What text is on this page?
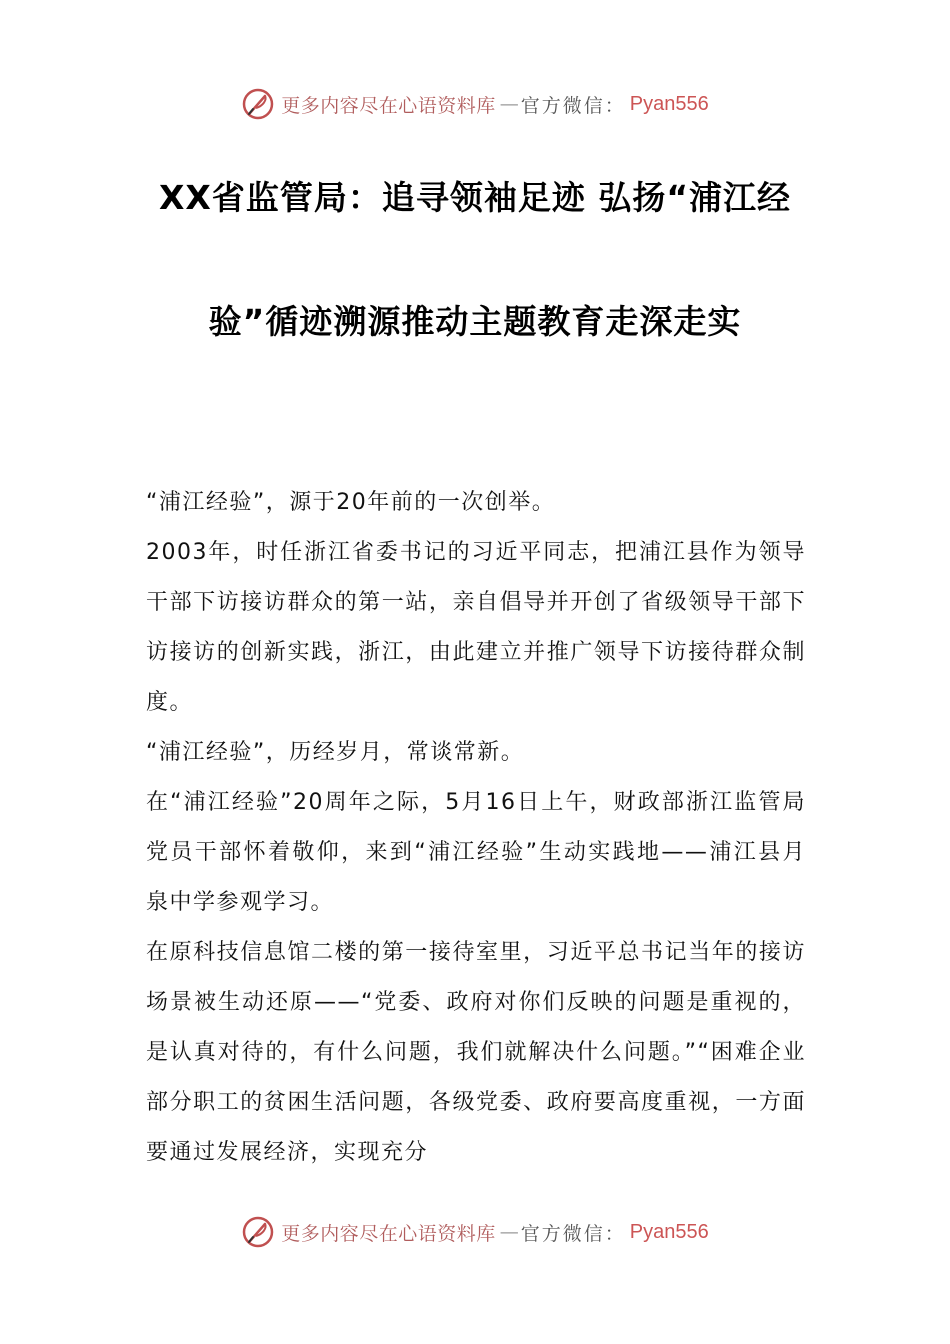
更多内容尽在心语资料库 — 官方微信： Pyan556
XX省监管局：追寻领袖足迹 弘扬“浦江经
验”循迹溯源推动主题教育走深走实

“浦江经验”，源于20年前的一次创举。

2003年，时任浙江省委书记的习近平同志，把浦江县作为领导干部下访接访群众的第一站，亲自倡导并开创了省级领导干部下访接访的创新实践，浙江，由此建立并推广领导下访接待群众制度。

“浦江经验”，历经岁月，常谈常新。

在“浦江经验”20周年之际，5月16日上午，财政部浙江监管局党员干部怀着敬仰，来到“浦江经验”生动实践地——浦江县月泉中学参观学习。

在原科技信息馆二楼的第一接待室里，习近平总书记当年的接访场景被生动还原——“党委、政府对你们反映的问题是重视的，是认真对待的，有什么问题，我们就解决什么问题。”“困难企业部分职工的贫困生活问题，各级党委、政府要高度重视，一方面要通过发展经济，实现充分

更多内容尽在心语资料库 — 官方微信： Pyan556
